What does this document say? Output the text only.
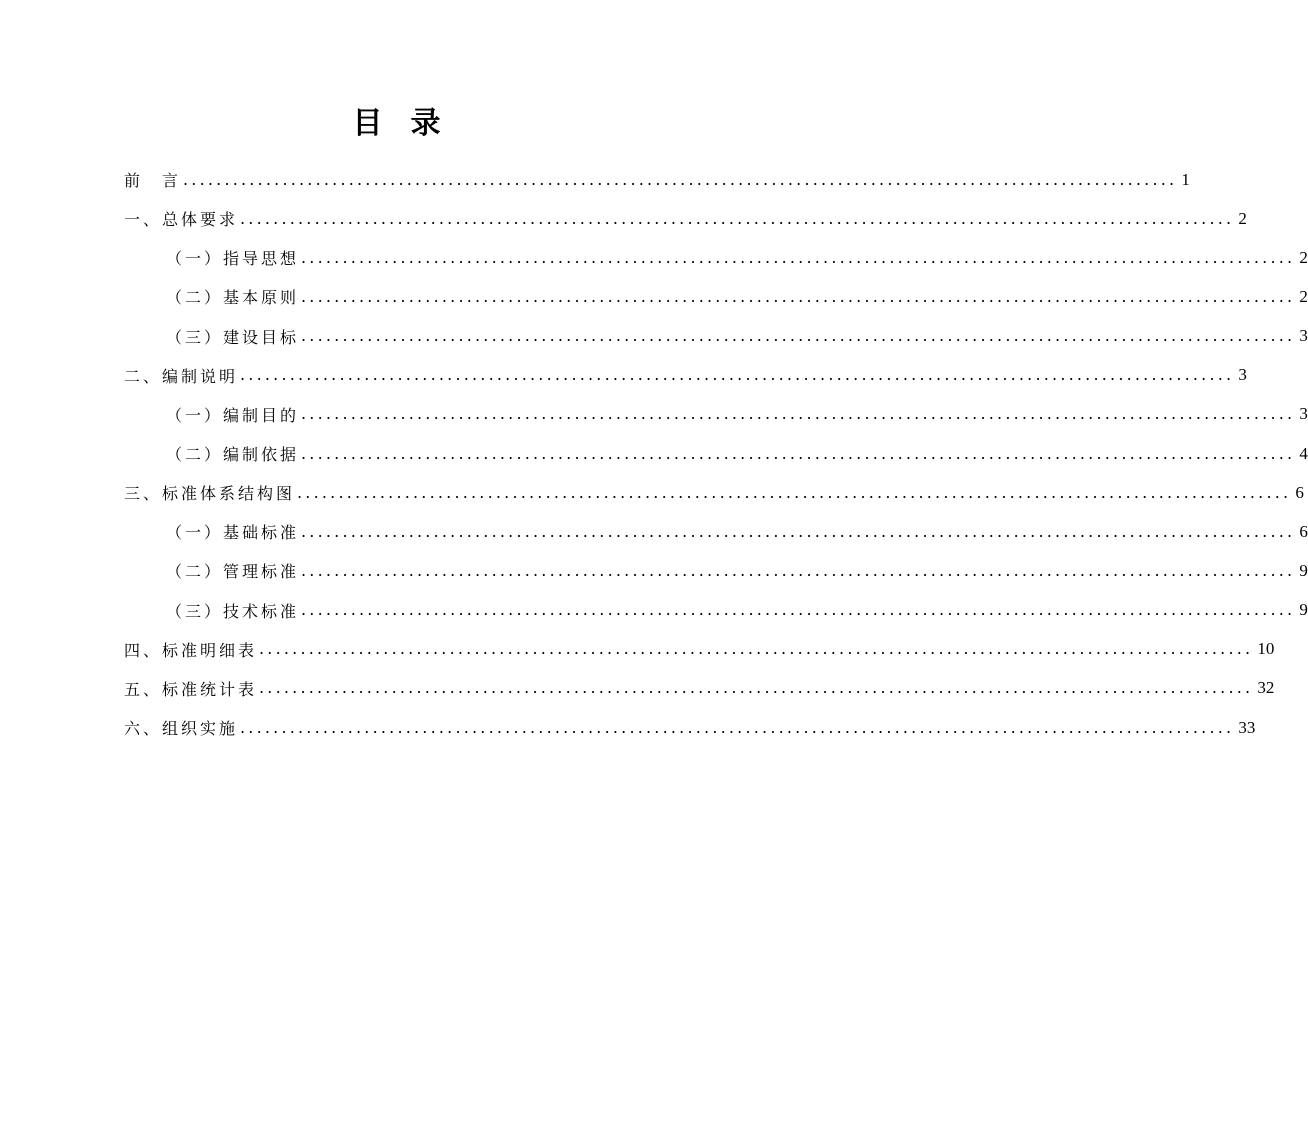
目 录
前　言 ........................................................................................................................ 1
一、总体要求 ........................................................................................................................ 2
（一）指导思想 ........................................................................................................................ 2
（二）基本原则 ........................................................................................................................ 2
（三）建设目标 ........................................................................................................................ 3
二、编制说明 ........................................................................................................................ 3
（一）编制目的 ........................................................................................................................ 3
（二）编制依据 ........................................................................................................................ 4
三、标准体系结构图 ........................................................................................................................ 6
（一）基础标准 ........................................................................................................................ 6
（二）管理标准 ........................................................................................................................ 9
（三）技术标准 ........................................................................................................................ 9
四、标准明细表 ........................................................................................................................ 10
五、标准统计表 ........................................................................................................................ 32
六、组织实施 ........................................................................................................................ 33
